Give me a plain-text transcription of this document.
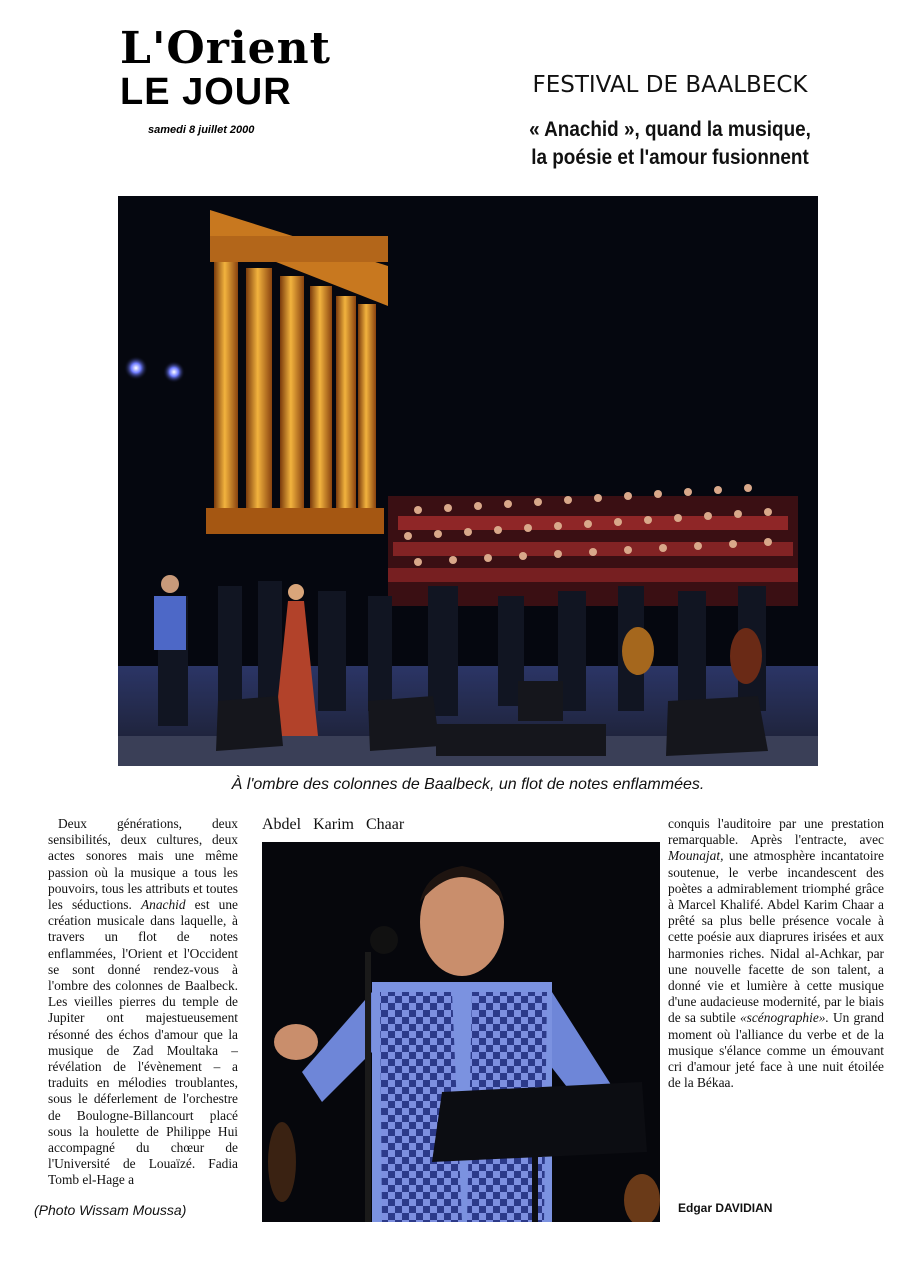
L'Orient
LE JOUR
samedi 8 juillet 2000
FESTIVAL DE BAALBECK
« Anachid », quand la musique,
la poésie et l'amour fusionnent
À l'ombre des colonnes de Baalbeck, un flot de notes enflammées.

Deux générations, deux sensibilités, deux cultures, deux actes sonores mais une même passion où la musique a tous les pouvoirs, tous les attributs et toutes les séductions. Anachid est une création musicale dans laquelle, à travers un flot de notes enflammées, l'Orient et l'Occident se sont donné rendez-vous à l'ombre des colonnes de Baalbeck. Les vieilles pierres du temple de Jupiter ont majestueusement résonné des échos d'amour que la musique de Zad Moultaka – révélation de l'évènement – a traduits en mélodies troublantes, sous le déferlement de l'orchestre de Boulogne-Billancourt placé sous la houlette de Philippe Hui accompagné du chœur de l'Université de Louaïzé. Fadia Tomb el-Hage a

(Photo Wissam Moussa)
Abdel Karim Chaar	conquis l'auditoire par une prestation remarquable. Après l'entracte, avec Mounajat, une atmosphère incantatoire soutenue, le verbe incandescent des poètes a admirablement triomphé grâce à Marcel Khalifé. Abdel Karim Chaar a prêté sa plus belle présence vocale à cette poésie aux diaprures irisées et aux harmonies riches. Nidal al-Achkar, par une nouvelle facette de son talent, a donné vie et lumière à cette musique d'une audacieuse modernité, par le biais de sa subtile «scénographie». Un grand moment où l'alliance du verbe et de la musique s'élance comme un émouvant cri d'amour jeté face à une nuit étoilée de la Békaa.

Edgar DAVIDIAN
